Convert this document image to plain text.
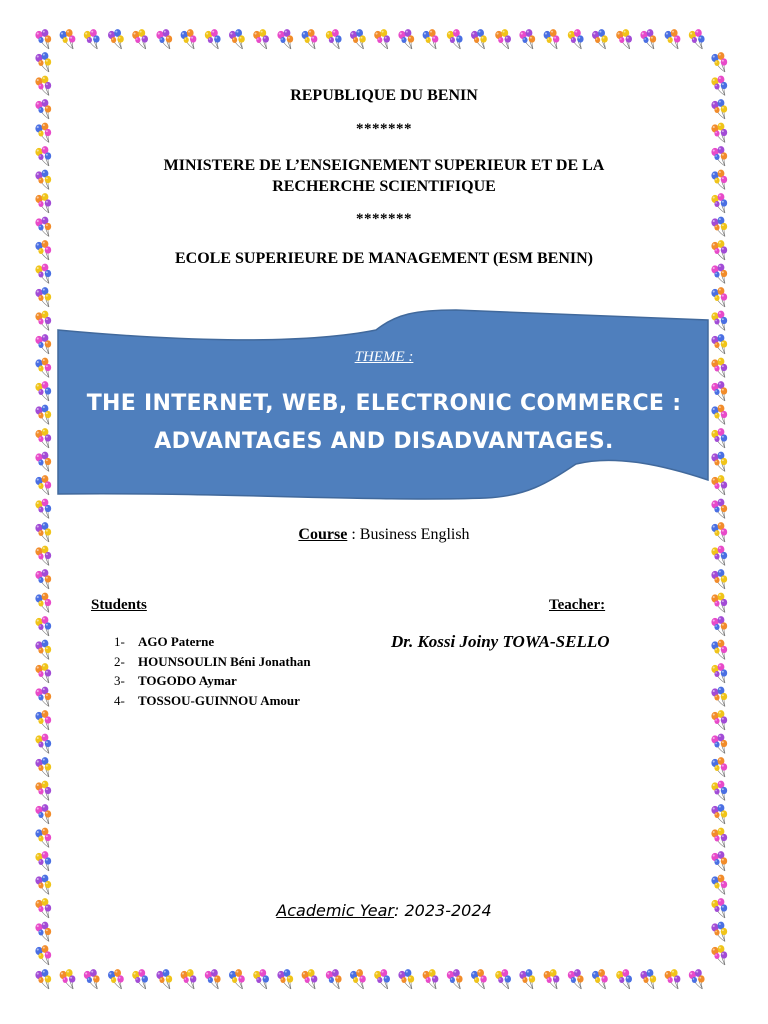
REPUBLIQUE DU BENIN
*******
MINISTERE DE L’ENSEIGNEMENT SUPERIEUR ET DE LA
RECHERCHE SCIENTIFIQUE
*******
ECOLE SUPERIEURE DE MANAGEMENT (ESM BENIN)
THEME :
THE INTERNET, WEB, ELECTRONIC COMMERCE :
ADVANTAGES AND DISADVANTAGES.
Course : Business English
Students	Teacher:
Dr. Kossi Joiny TOWA-SELLO
1- AGO Paterne
2- HOUNSOULIN Béni Jonathan
3- TOGODO Aymar
4- TOSSOU-GUINNOU Amour
Academic Year: 2023-2024
